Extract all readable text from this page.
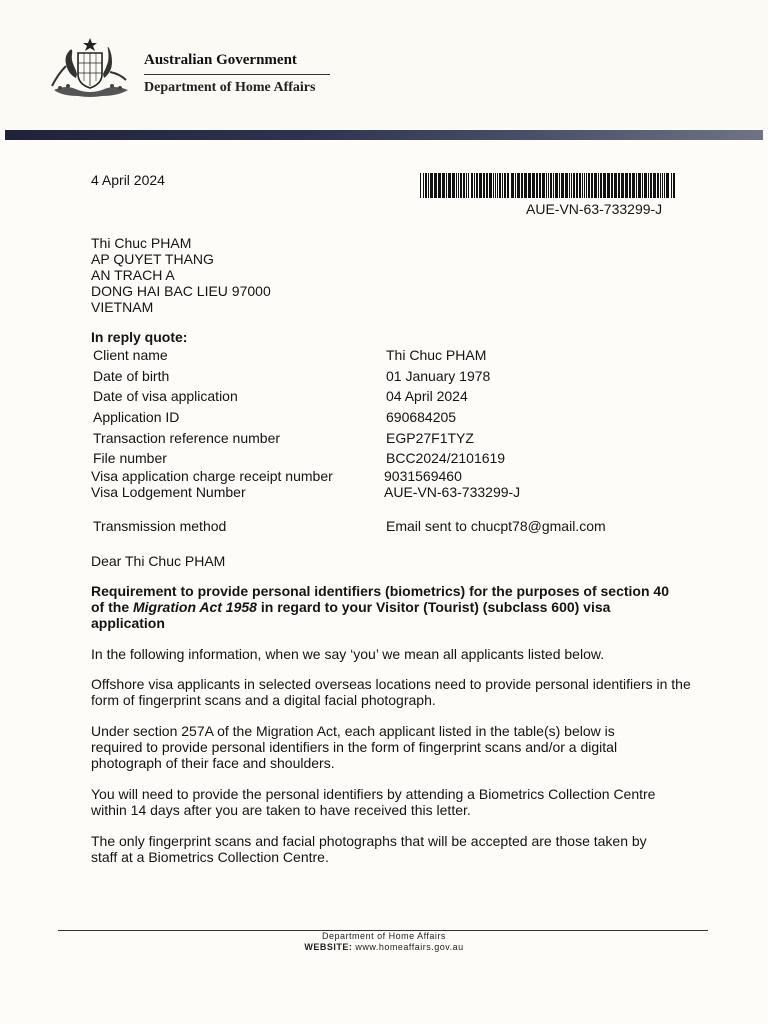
Australian Government
Department of Home Affairs
4 April 2024
AUE-VN-63-733299-J
Thi Chuc PHAM
AP QUYET THANG
AN TRACH A
DONG HAI BAC LIEU 97000
VIETNAM
In reply quote:
Client name	Thi Chuc PHAM
Date of birth	01 January 1978
Date of visa application	04 April 2024
Application ID	690684205
Transaction reference number	EGP27F1TYZ
File number	BCC2024/2101619
Visa application charge receipt number	9031569460
Visa Lodgement Number	AUE-VN-63-733299-J
Transmission method	Email sent to chucpt78@gmail.com
Dear Thi Chuc PHAM
Requirement to provide personal identifiers (biometrics) for the purposes of section 40 of the Migration Act 1958 in regard to your Visitor (Tourist) (subclass 600) visa application
In the following information, when we say ‘you’ we mean all applicants listed below.
Offshore visa applicants in selected overseas locations need to provide personal identifiers in the form of fingerprint scans and a digital facial photograph.
Under section 257A of the Migration Act, each applicant listed in the table(s) below is required to provide personal identifiers in the form of fingerprint scans and/or a digital photograph of their face and shoulders.
You will need to provide the personal identifiers by attending a Biometrics Collection Centre within 14 days after you are taken to have received this letter.
The only fingerprint scans and facial photographs that will be accepted are those taken by staff at a Biometrics Collection Centre.
Department of Home Affairs
WEBSITE: www.homeaffairs.gov.au
